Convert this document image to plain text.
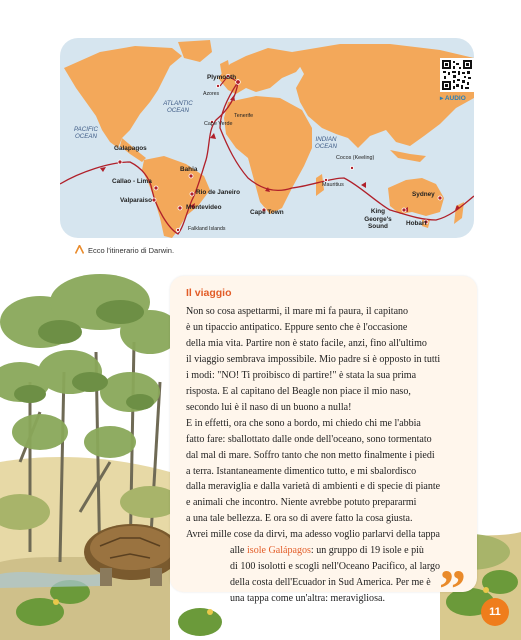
Plymouth
Azores
Tenerife
Cape Verde
ATLANTIC OCEAN
PACIFIC OCEAN	INDIAN OCEAN
Galapagos
Bahia
Callao - Lima
Rio de Janeiro
Valparaiso
Montevideo
Falkland Islands
Cape Town
Mauritius
Cocos (Keeling)
King George's Sound
Sydney
Hobart
▸ AUDIO
Ecco l'itinerario di Darwin.
Il viaggio

Non so cosa aspettarmi, il mare mi fa paura, il capitano

è un tipaccio antipatico. Eppure sento che è l'occasione

della mia vita. Partire non è stato facile, anzi, fino all'ultimo

il viaggio sembrava impossibile. Mio padre si è opposto in tutti

i modi: "NO! Ti proibisco di partire!" è stata la sua prima

risposta. E al capitano del Beagle non piace il mio naso,

secondo lui è il naso di un buono a nulla!

E in effetti, ora che sono a bordo, mi chiedo chi me l'abbia

fatto fare: sballottato dalle onde dell'oceano, sono tormentato

dal mal di mare. Soffro tanto che non metto finalmente i piedi

a terra. Istantaneamente dimentico tutto, e mi sbalordisco

dalla meraviglia e dalla varietà di ambienti e di specie di piante

e animali che incontro. Niente avrebbe potuto prepararmi

a una tale bellezza. E ora so di avere fatto la cosa giusta.

Avrei mille cose da dirvi, ma adesso voglio parlarvi della tappa

alle isole Galápagos: un gruppo di 19 isole e più

di 100 isolotti e scogli nell'Oceano Pacifico, al largo

della costa dell'Ecuador in Sud America. Per me è

una tappa come un'altra: meravigliosa.	”	11
